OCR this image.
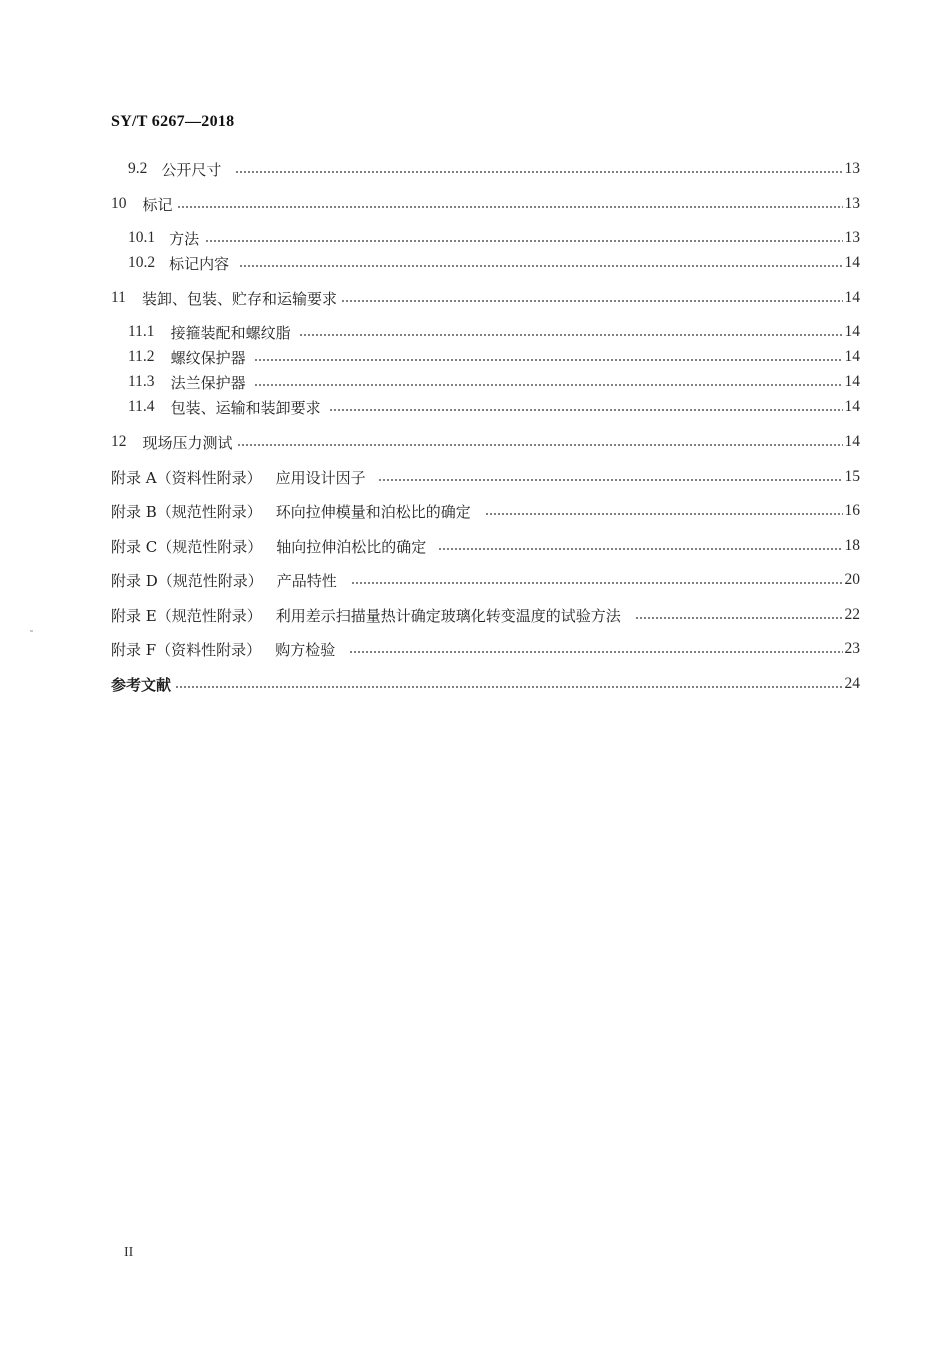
SY/T 6267—2018
9.2 公开尺寸	13
10 标记	13
10.1 方法	13
10.2 标记内容	14
11 装卸、包装、贮存和运输要求	14
11.1 接箍装配和螺纹脂	14
11.2 螺纹保护器	14
11.3 法兰保护器	14
11.4 包装、运输和装卸要求	14
12 现场压力测试	14
附录 A（资料性附录） 应用设计因子	15
附录 B（规范性附录） 环向拉伸模量和泊松比的确定	16
附录 C（规范性附录） 轴向拉伸泊松比的确定	18
附录 D（规范性附录） 产品特性	20
附录 E（规范性附录） 利用差示扫描量热计确定玻璃化转变温度的试验方法	22
附录 F（资料性附录） 购方检验	23
参考文献	24
II
